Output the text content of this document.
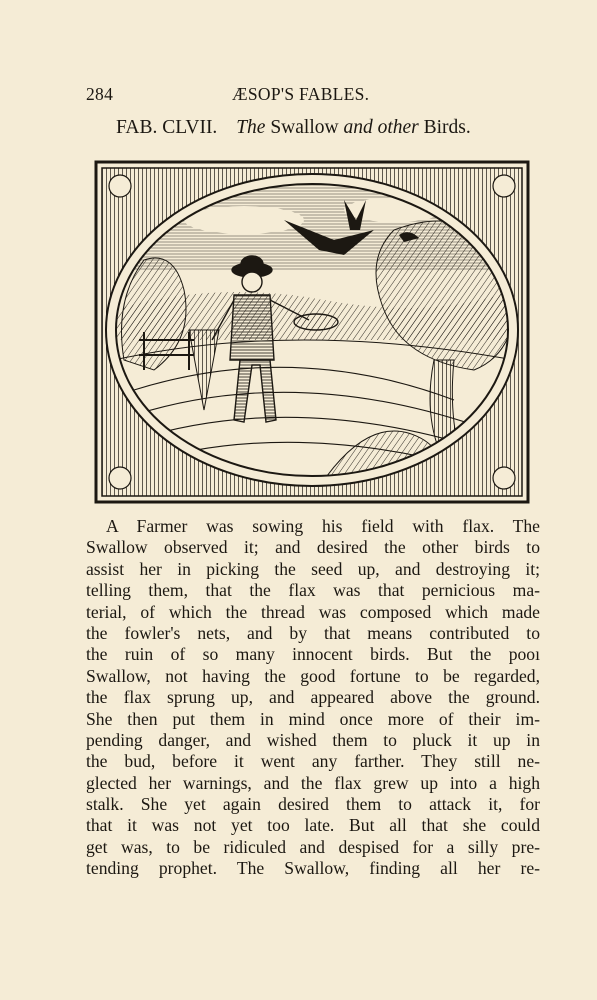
284	ÆSOP'S FABLES.
FAB. CLVII. The Swallow and other Birds.
A Farmer was sowing his field with flax. The
Swallow observed it; and desired the other birds to
assist her in picking the seed up, and destroying it;
telling them, that the flax was that pernicious ma-
terial, of which the thread was composed which made
the fowler's nets, and by that means contributed to
the ruin of so many innocent birds. But the pooı
Swallow, not having the good fortune to be regarded,
the flax sprung up, and appeared above the ground.
She then put them in mind once more of their im-
pending danger, and wished them to pluck it up in
the bud, before it went any farther. They still ne-
glected her warnings, and the flax grew up into a high
stalk. She yet again desired them to attack it, for
that it was not yet too late. But all that she could
get was, to be ridiculed and despised for a silly pre-
tending prophet. The Swallow, finding all her re-
